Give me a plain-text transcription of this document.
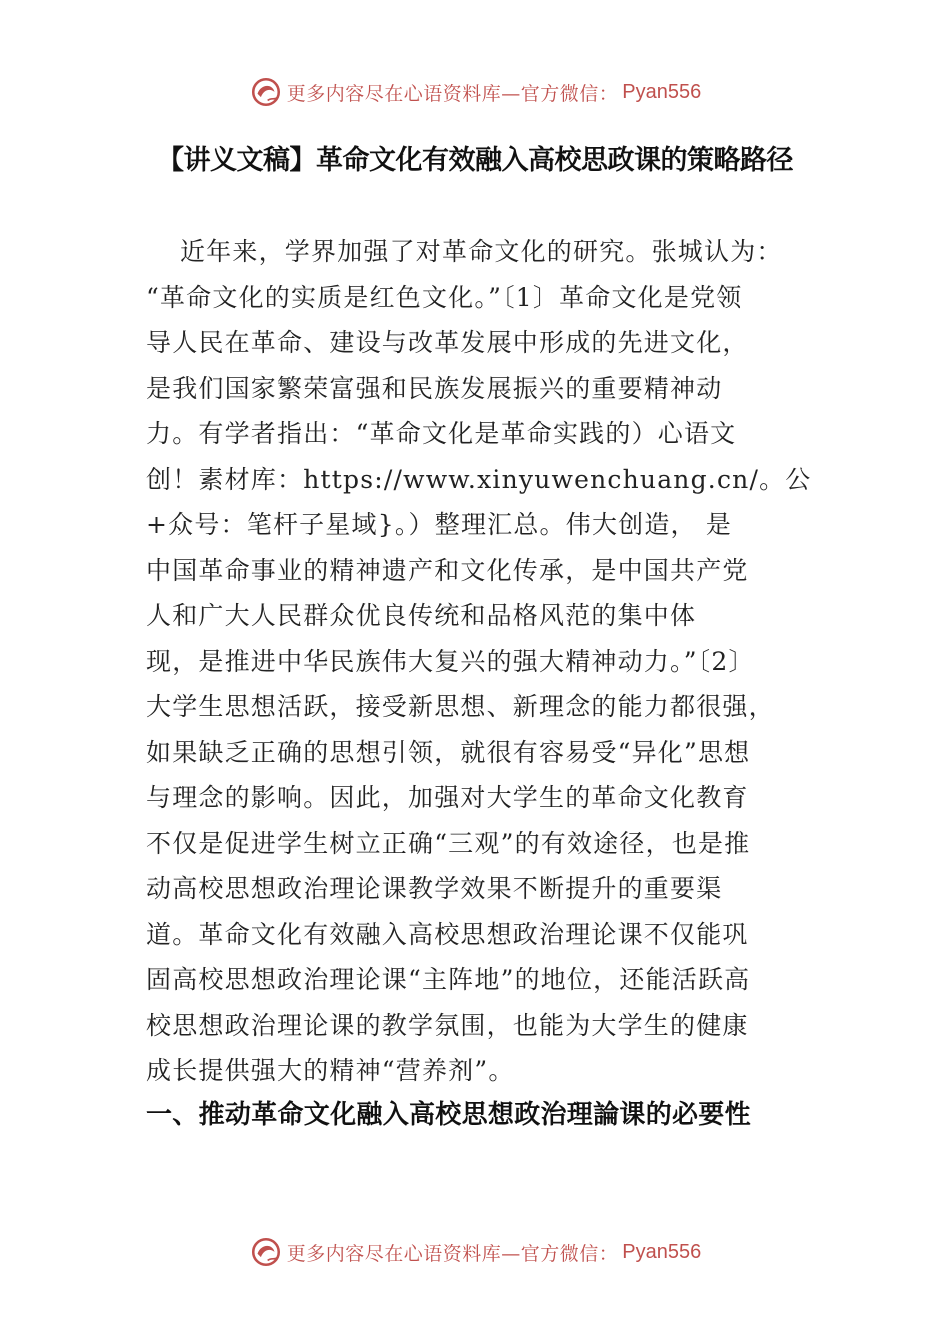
更多内容尽在心语资料库—官方微信： Pyan556
【讲义文稿】革命文化有效融入高校思政课的策略路径

近年来，学界加强了对革命文化的研究。张城认为：
“革命文化的实质是红色文化。”〔1〕革命文化是党领
导人民在革命、建设与改革发展中形成的先进文化，
是我们国家繁荣富强和民族发展振兴的重要精神动
力。有学者指出：“革命文化是革命实践的）心语文
创！素材库：https://www.xinyuwenchuang.cn/。公
+众号：笔杆子星域}。）整理汇总。伟大创造， 是
中国革命事业的精神遗产和文化传承，是中国共产党
人和广大人民群众优良传统和品格风范的集中体
现，是推进中华民族伟大复兴的强大精神动力。”〔2〕
大学生思想活跃，接受新思想、新理念的能力都很强，
如果缺乏正确的思想引领，就很有容易受“异化”思想
与理念的影响。因此，加强对大学生的革命文化教育
不仅是促进学生树立正确“三观”的有效途径，也是推
动高校思想政治理论课教学效果不断提升的重要渠
道。革命文化有效融入高校思想政治理论课不仅能巩
固高校思想政治理论课“主阵地”的地位，还能活跃高
校思想政治理论课的教学氛围，也能为大学生的健康
成长提供强大的精神“营养剂”。

一、推动革命文化融入高校思想政治理論课的必要性
更多内容尽在心语资料库—官方微信： Pyan556
